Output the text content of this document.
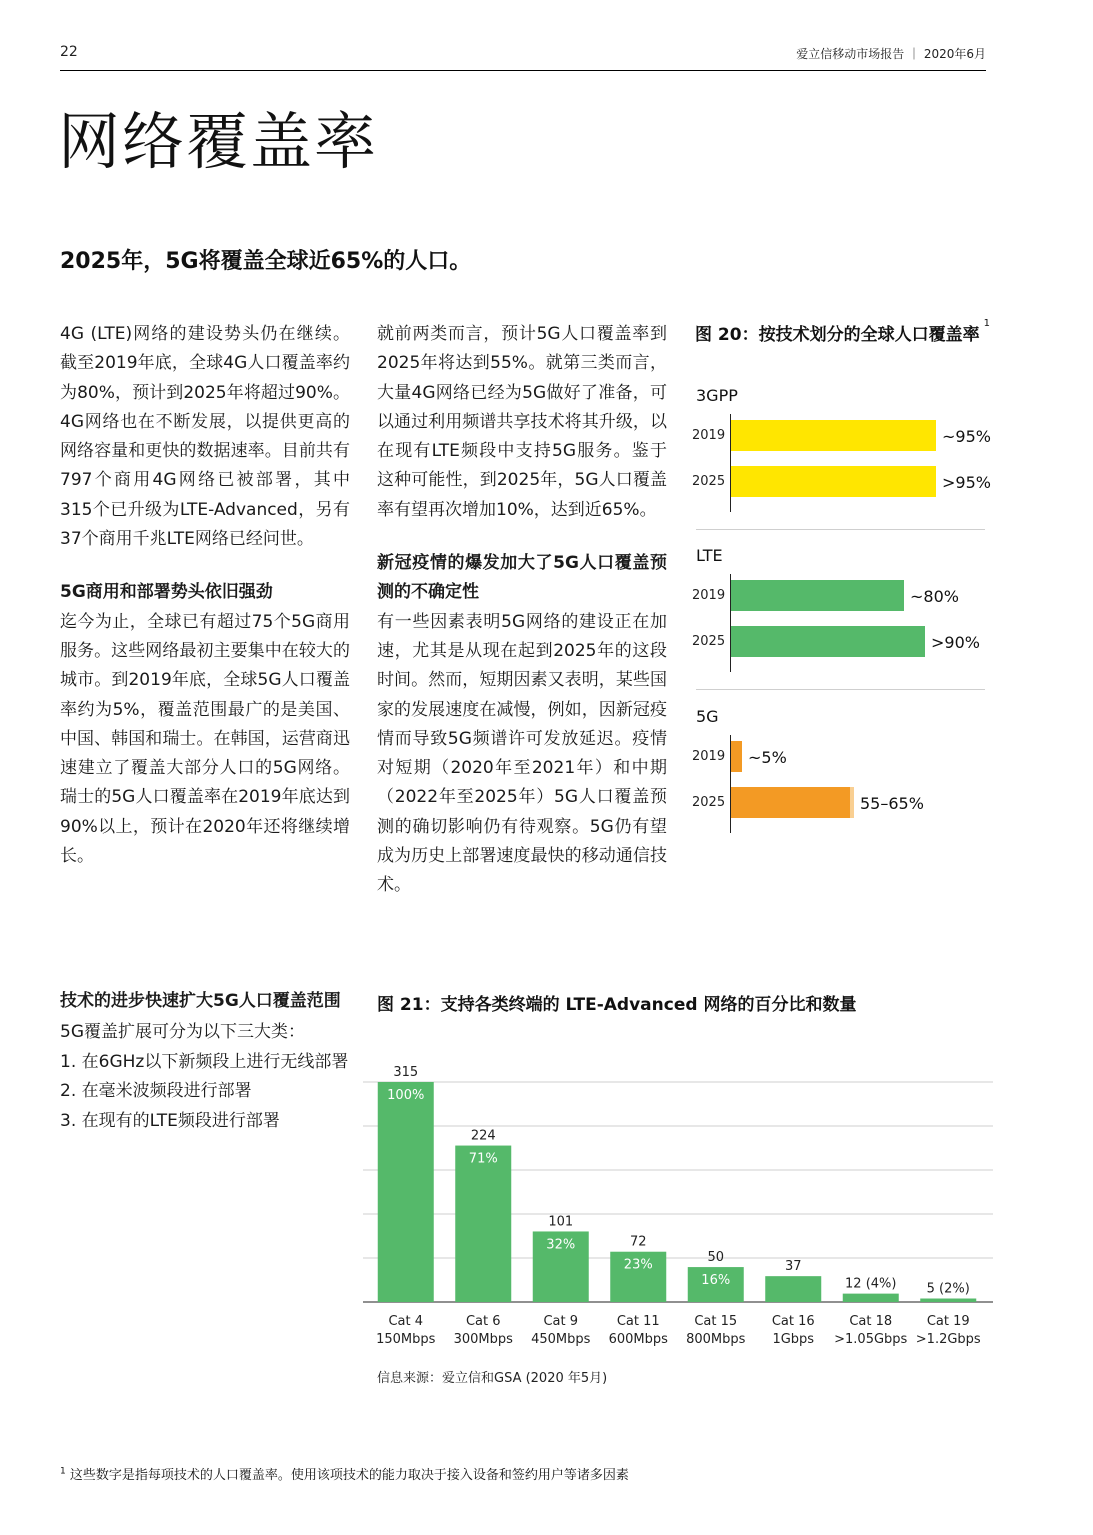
22	爱立信移动市场报告 ｜ 2020年6月
网络覆盖率
2025年，5G将覆盖全球近65%的人口。

4G (LTE)网络的建设势头仍在继续。截至2019年底，全球4G人口覆盖率约为80%，预计到2025年将超过90%。4G网络也在不断发展，以提供更高的网络容量和更快的数据速率。目前共有797个商用4G网络已被部署，其中315个已升级为LTE-Advanced，另有37个商用千兆LTE网络已经问世。

5G商用和部署势头依旧强劲

迄今为止，全球已有超过75个5G商用服务。这些网络最初主要集中在较大的城市。到2019年底，全球5G人口覆盖率约为5%，覆盖范围最广的是美国、中国、韩国和瑞士。在韩国，运营商迅速建立了覆盖大部分人口的5G网络。瑞士的5G人口覆盖率在2019年底达到90%以上，预计在2020年还将继续增长。

就前两类而言，预计5G人口覆盖率到2025年将达到55%。就第三类而言，大量4G网络已经为5G做好了准备，可以通过利用频谱共享技术将其升级，以在现有LTE频段中支持5G服务。鉴于这种可能性，到2025年，5G人口覆盖率有望再次增加10%，达到近65%。

新冠疫情的爆发加大了5G人口覆盖预测的不确定性

有一些因素表明5G网络的建设正在加速，尤其是从现在起到2025年的这段时间。然而，短期因素又表明，某些国家的发展速度在减慢，例如，因新冠疫情而导致5G频谱许可发放延迟。疫情对短期（2020年至2021年）和中期（2022年至2025年）5G人口覆盖预测的确切影响仍有待观察。5G仍有望成为历史上部署速度最快的移动通信技术。

技术的进步快速扩大5G人口覆盖范围

5G覆盖扩展可分为以下三大类：

1. 在6GHz以下新频段上进行无线部署

2. 在毫米波频段进行部署

3. 在现有的LTE频段进行部署

图 20：按技术划分的全球人口覆盖率$^1$
3GPP
2019	~95%
2025	>95%
LTE
2019	~80%
2025	>90%
5G
2019 ~5%
2025	55–65%
图 21：支持各类终端的 LTE-Advanced 网络的百分比和数量
315
100%
Cat 4
150Mbps
224
71%
Cat 6
300Mbps
101
32%
Cat 9
450Mbps
72
23%
Cat 11
600Mbps
50
16%
Cat 15
800Mbps
37
Cat 16
1Gbps
12 (4%)
Cat 18
>1.05Gbps
5 (2%)
Cat 19
>1.2Gbps
信息来源：爱立信和GSA (2020 年5月)
$^1$ 这些数字是指每项技术的人口覆盖率。使用该项技术的能力取决于接入设备和签约用户等诸多因素
